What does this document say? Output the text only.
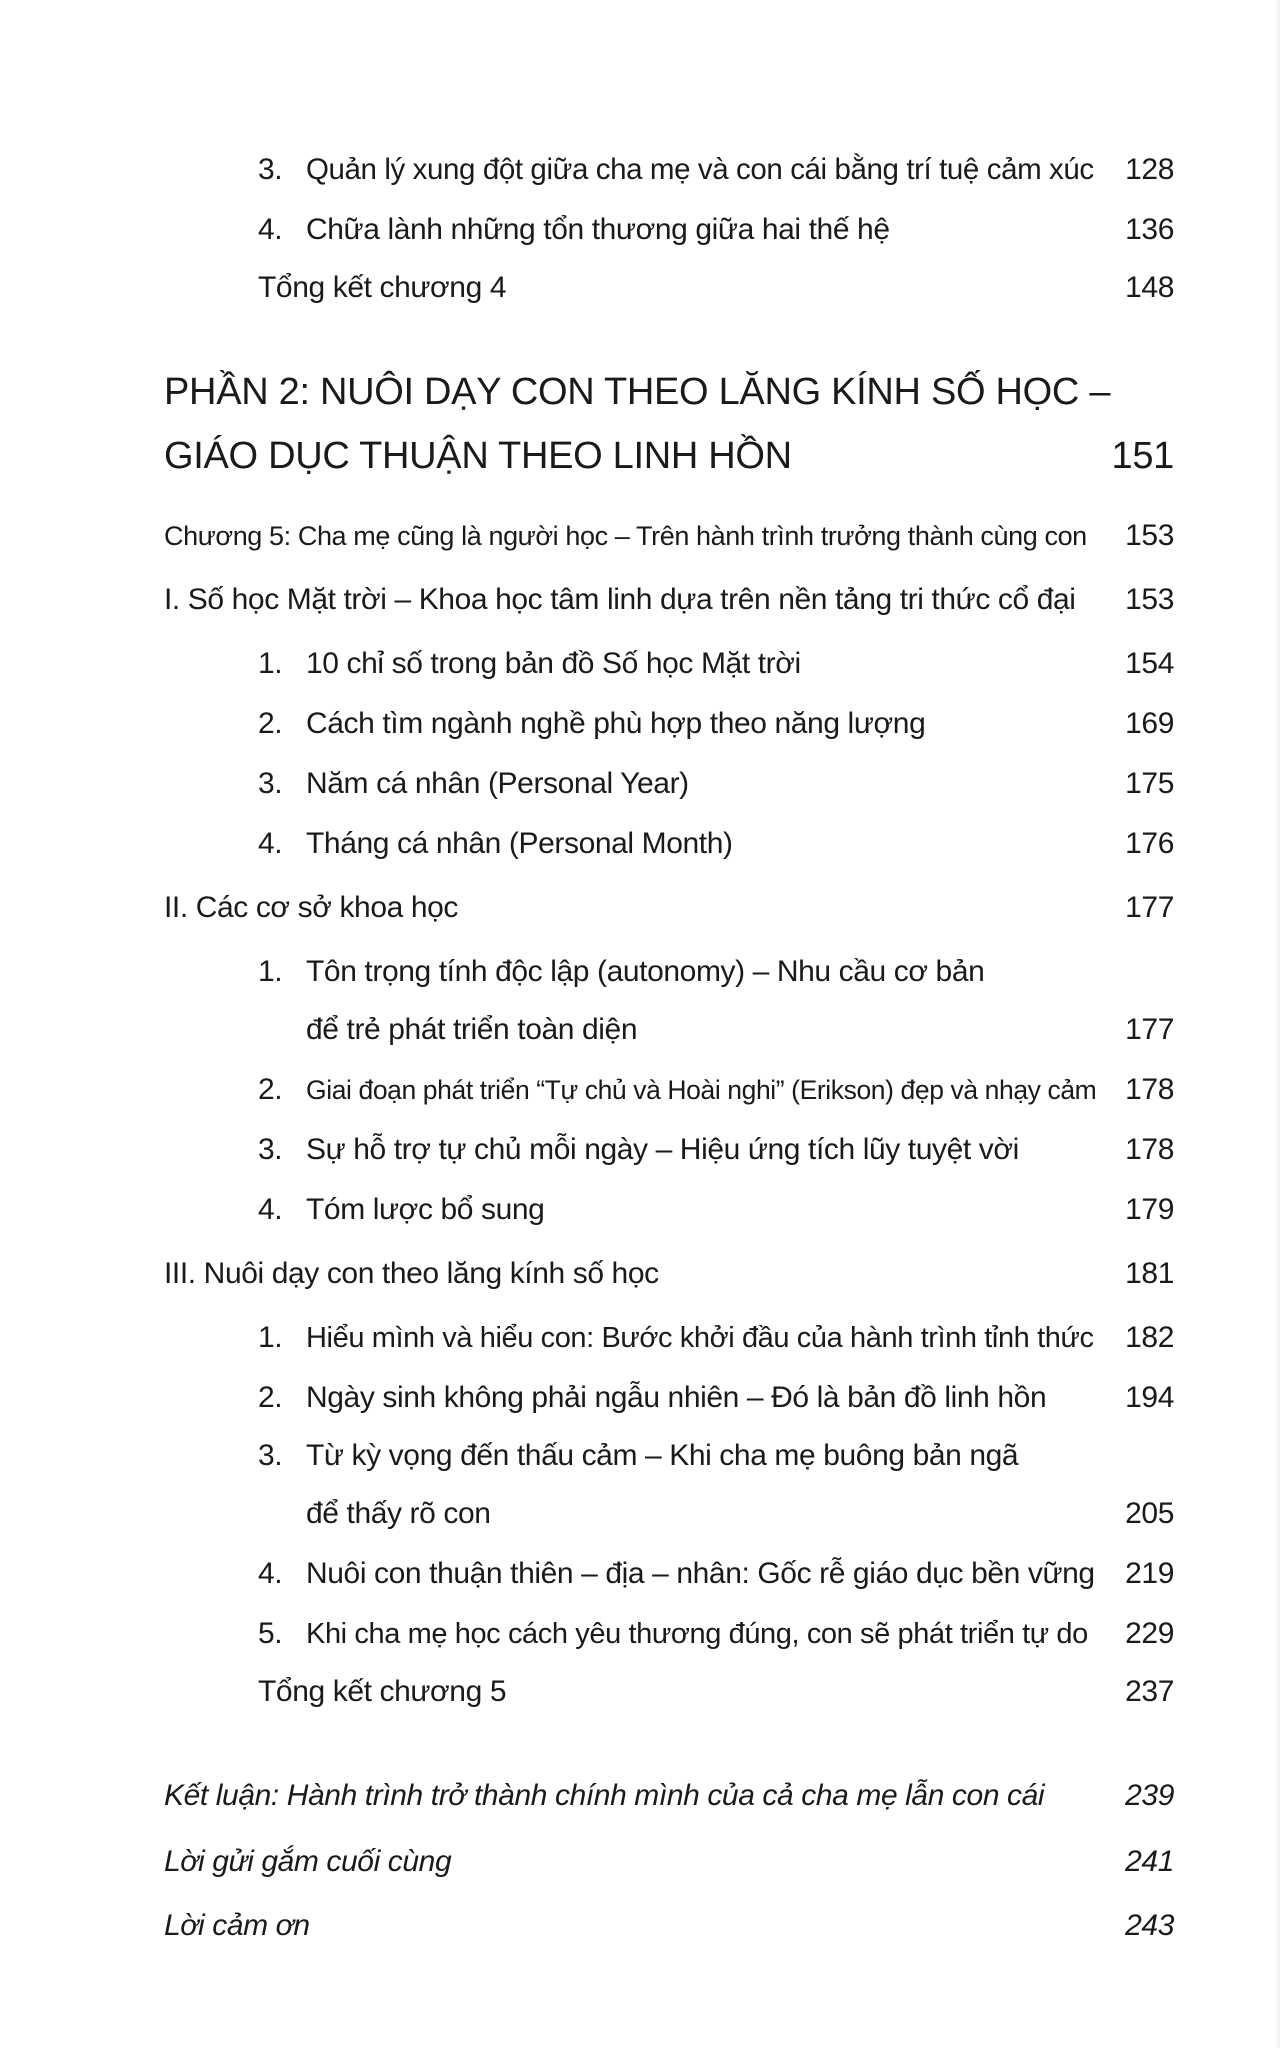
3. Quản lý xung đột giữa cha mẹ và con cái bằng trí tuệ cảm xúc 128
4. Chữa lành những tổn thương giữa hai thế hệ	136
Tổng kết chương 4	148
PHẦN 2: NUÔI DẠY CON THEO LĂNG KÍNH SỐ HỌC –
GIÁO DỤC THUẬN THEO LINH HỒN	151
Chương 5: Cha mẹ cũng là người học – Trên hành trình trưởng thành cùng con 153
I. Số học Mặt trời – Khoa học tâm linh dựa trên nền tảng tri thức cổ đại 153
1. 10 chỉ số trong bản đồ Số học Mặt trời	154
2. Cách tìm ngành nghề phù hợp theo năng lượng	169
3. Năm cá nhân (Personal Year)	175
4. Tháng cá nhân (Personal Month)	176
II. Các cơ sở khoa học	177
1. Tôn trọng tính độc lập (autonomy) – Nhu cầu cơ bản
để trẻ phát triển toàn diện	177
2. Giai đoạn phát triển “Tự chủ và Hoài nghi” (Erikson) đẹp và nhạy cảm 178
3. Sự hỗ trợ tự chủ mỗi ngày – Hiệu ứng tích lũy tuyệt vời	178
4. Tóm lược bổ sung	179
III. Nuôi dạy con theo lăng kính số học	181
1. Hiểu mình và hiểu con: Bước khởi đầu của hành trình tỉnh thức 182
2. Ngày sinh không phải ngẫu nhiên – Đó là bản đồ linh hồn	194
3. Từ kỳ vọng đến thấu cảm – Khi cha mẹ buông bản ngã
để thấy rõ con	205
4. Nuôi con thuận thiên – địa – nhân: Gốc rễ giáo dục bền vững 219
5. Khi cha mẹ học cách yêu thương đúng, con sẽ phát triển tự do 229
Tổng kết chương 5	237
Kết luận: Hành trình trở thành chính mình của cả cha mẹ lẫn con cái	239
Lời gửi gắm cuối cùng	241
Lời cảm ơn	243
